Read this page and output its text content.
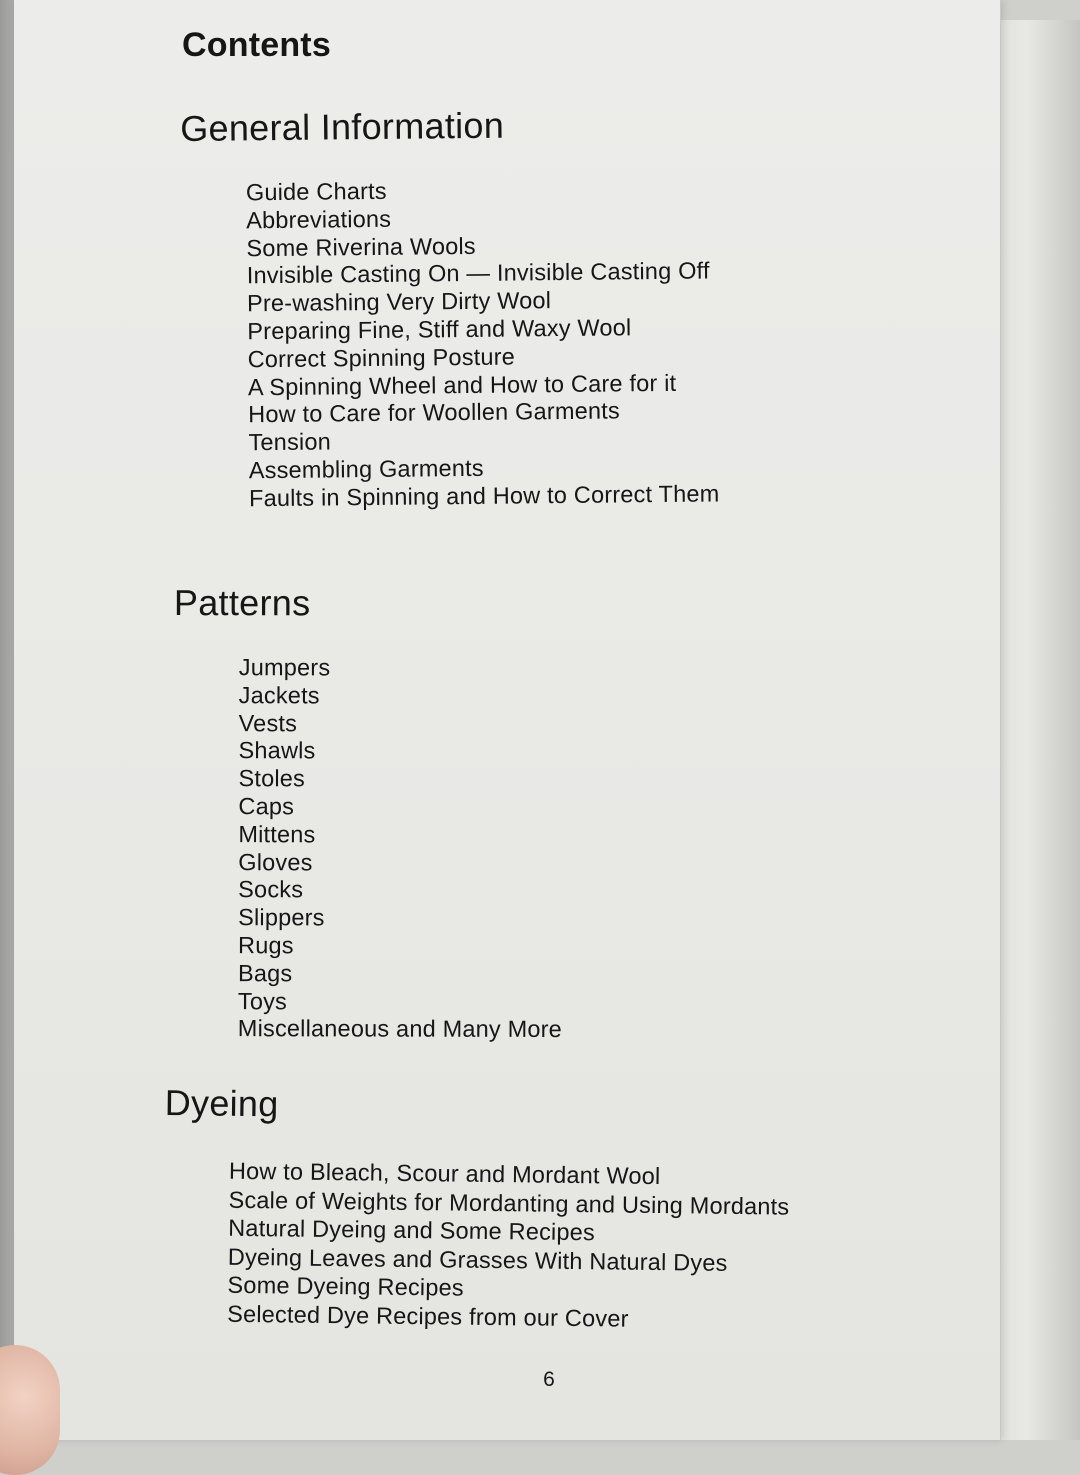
Contents
General Information
Guide Charts
Abbreviations
Some Riverina Wools
Invisible Casting On — Invisible Casting Off
Pre-washing Very Dirty Wool
Preparing Fine, Stiff and Waxy Wool
Correct Spinning Posture
A Spinning Wheel and How to Care for it
How to Care for Woollen Garments
Tension
Assembling Garments
Faults in Spinning and How to Correct Them
Patterns
Jumpers
Jackets
Vests
Shawls
Stoles
Caps
Mittens
Gloves
Socks
Slippers
Rugs
Bags
Toys
Miscellaneous and Many More
Dyeing
How to Bleach, Scour and Mordant Wool
Scale of Weights for Mordanting and Using Mordants
Natural Dyeing and Some Recipes
Dyeing Leaves and Grasses With Natural Dyes
Some Dyeing Recipes
Selected Dye Recipes from our Cover
6
